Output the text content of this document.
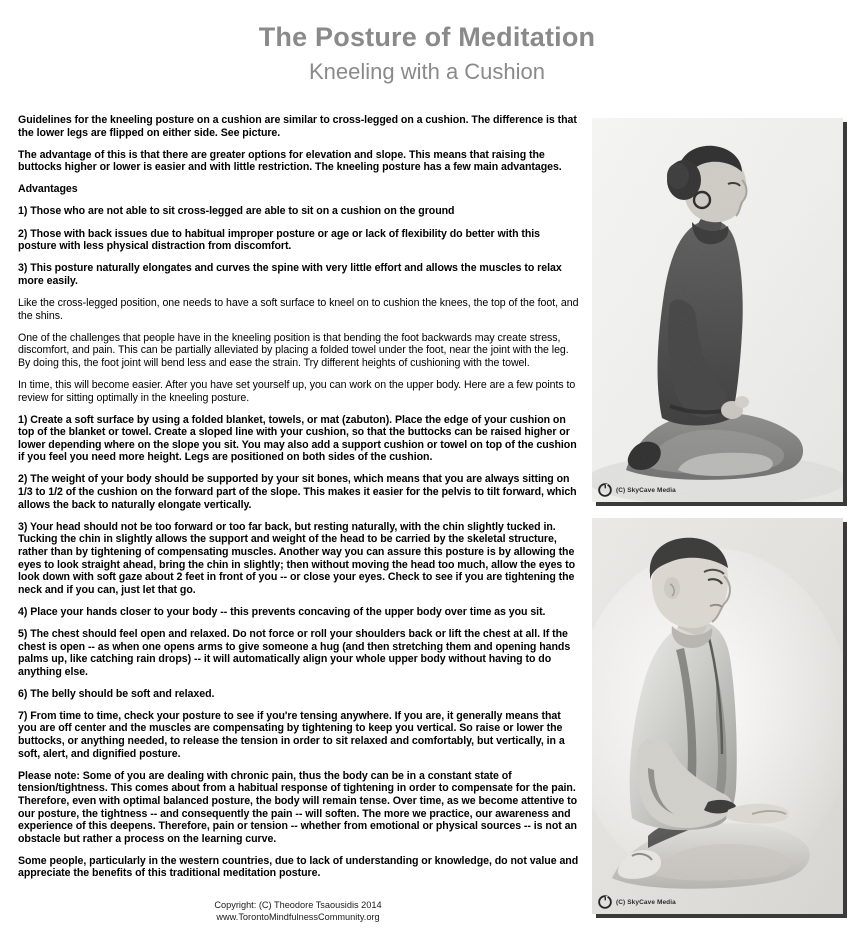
The Posture of Meditation
Kneeling with a Cushion

Guidelines for the kneeling posture on a cushion are similar to cross-legged on a cushion. The difference is that the lower legs are flipped on either side. See picture.

The advantage of this is that there are greater options for elevation and slope. This means that raising the buttocks higher or lower is easier and with little restriction. The kneeling posture has a few main advantages.

Advantages

1) Those who are not able to sit cross-legged are able to sit on a cushion on the ground

2) Those with back issues due to habitual improper posture or age or lack of flexibility do better with this posture with less physical distraction from discomfort.

3) This posture naturally elongates and curves the spine with very little effort and allows the muscles to relax more easily.

Like the cross-legged position, one needs to have a soft surface to kneel on to cushion the knees, the top of the foot, and the shins.

One of the challenges that people have in the kneeling position is that bending the foot backwards may create stress, discomfort, and pain. This can be partially alleviated by placing a folded towel under the foot, near the joint with the leg. By doing this, the foot joint will bend less and ease the strain. Try different heights of cushioning with the towel.

In time, this will become easier. After you have set yourself up, you can work on the upper body. Here are a few points to review for sitting optimally in the kneeling posture.

1) Create a soft surface by using a folded blanket, towels, or mat (zabuton). Place the edge of your cushion on top of the blanket or towel. Create a sloped line with your cushion, so that the buttocks can be raised higher or lower depending where on the slope you sit. You may also add a support cushion or towel on top of the cushion if you feel you need more height. Legs are positioned on both sides of the cushion.

2) The weight of your body should be supported by your sit bones, which means that you are always sitting on 1/3 to 1/2 of the cushion on the forward part of the slope. This makes it easier for the pelvis to tilt forward, which allows the back to naturally elongate vertically.

3) Your head should not be too forward or too far back, but resting naturally, with the chin slightly tucked in. Tucking the chin in slightly allows the support and weight of the head to be carried by the skeletal structure, rather than by tightening of compensating muscles. Another way you can assure this posture is by allowing the eyes to look straight ahead, bring the chin in slightly; then without moving the head too much, allow the eyes to look down with soft gaze about 2 feet in front of you -- or close your eyes. Check to see if you are tightening the neck and if you can, just let that go.

4) Place your hands closer to your body -- this prevents concaving of the upper body over time as you sit.

5) The chest should feel open and relaxed. Do not force or roll your shoulders back or lift the chest at all. If the chest is open -- as when one opens arms to give someone a hug (and then stretching them and opening hands palms up, like catching rain drops) -- it will automatically align your whole upper body without having to do anything else.

6) The belly should be soft and relaxed.

7) From time to time, check your posture to see if you're tensing anywhere. If you are, it generally means that you are off center and the muscles are compensating by tightening to keep you vertical. So raise or lower the buttocks, or anything needed, to release the tension in order to sit relaxed and comfortably, but vertically, in a soft, alert, and dignified posture.

Please note: Some of you are dealing with chronic pain, thus the body can be in a constant state of tension/tightness. This comes about from a habitual response of tightening in order to compensate for the pain. Therefore, even with optimal balanced posture, the body will remain tense. Over time, as we become attentive to our posture, the tightness -- and consequently the pain -- will soften. The more we practice, our awareness and experience of this deepens. Therefore, pain or tension -- whether from emotional or physical sources -- is not an obstacle but rather a process on the learning curve.

Some people, particularly in the western countries, due to lack of understanding or knowledge, do not value and appreciate the benefits of this traditional meditation posture.

Copyright: (C) Theodore Tsaousidis 2014
www.TorontoMindfulnessCommunity.org
(C) SkyCave Media
(C) SkyCave Media
